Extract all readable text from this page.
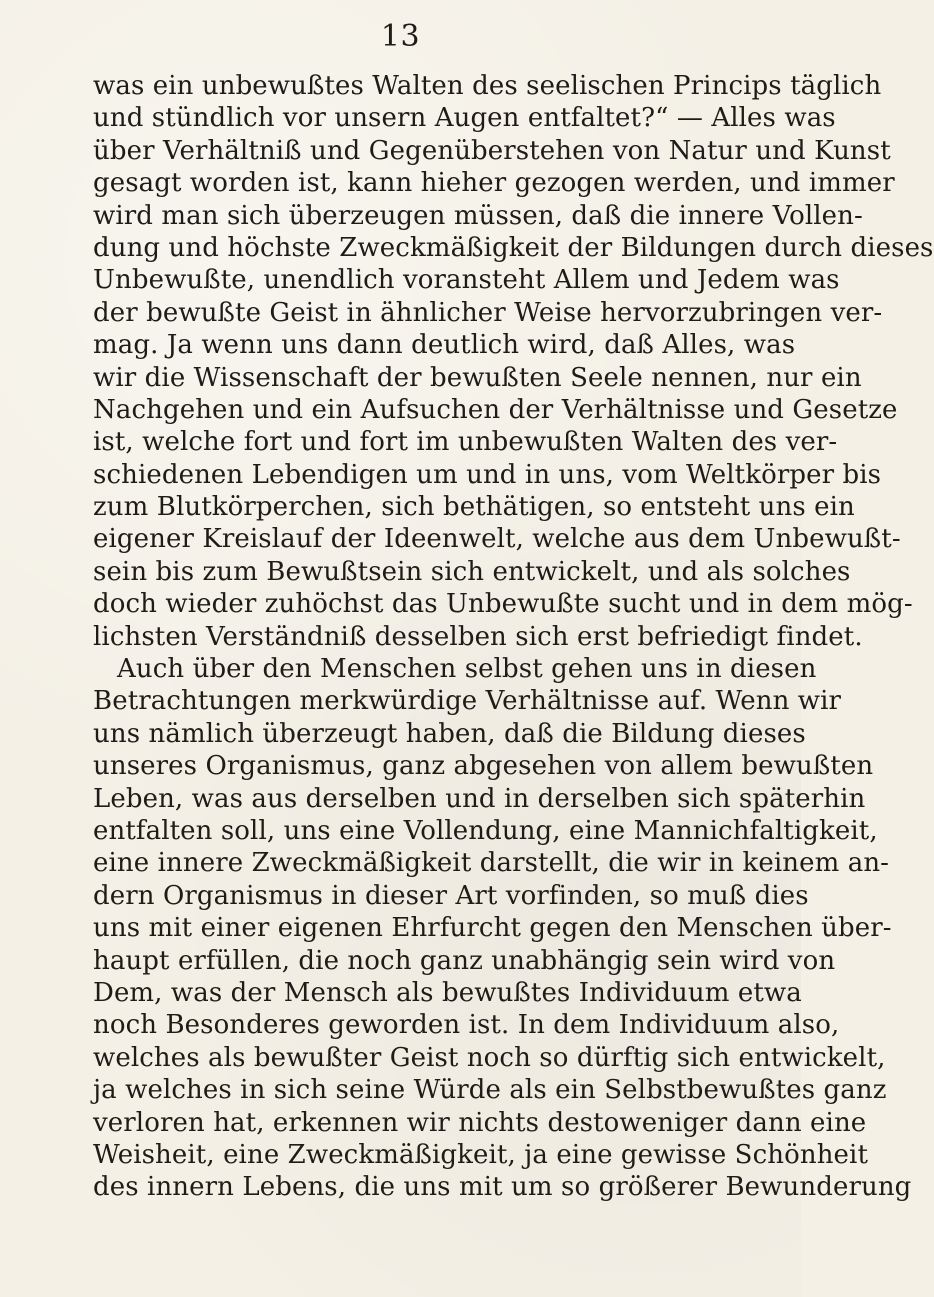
13
was ein unbewußtes Walten des seelischen Princips täglich
und stündlich vor unsern Augen entfaltet?“ — Alles was
über Verhältniß und Gegenüberstehen von Natur und Kunst
gesagt worden ist, kann hieher gezogen werden, und immer
wird man sich überzeugen müssen, daß die innere Vollen-
dung und höchste Zweckmäßigkeit der Bildungen durch dieses
Unbewußte, unendlich voransteht Allem und Jedem was
der bewußte Geist in ähnlicher Weise hervorzubringen ver-
mag. Ja wenn uns dann deutlich wird, daß Alles, was
wir die Wissenschaft der bewußten Seele nennen, nur ein
Nachgehen und ein Aufsuchen der Verhältnisse und Gesetze
ist, welche fort und fort im unbewußten Walten des ver-
schiedenen Lebendigen um und in uns, vom Weltkörper bis
zum Blutkörperchen, sich bethätigen, so entsteht uns ein
eigener Kreislauf der Ideenwelt, welche aus dem Unbewußt-
sein bis zum Bewußtsein sich entwickelt, und als solches
doch wieder zuhöchst das Unbewußte sucht und in dem mög-
lichsten Verständniß desselben sich erst befriedigt findet.
Auch über den Menschen selbst gehen uns in diesen
Betrachtungen merkwürdige Verhältnisse auf. Wenn wir
uns nämlich überzeugt haben, daß die Bildung dieses
unseres Organismus, ganz abgesehen von allem bewußten
Leben, was aus derselben und in derselben sich späterhin
entfalten soll, uns eine Vollendung, eine Mannichfaltigkeit,
eine innere Zweckmäßigkeit darstellt, die wir in keinem an-
dern Organismus in dieser Art vorfinden, so muß dies
uns mit einer eigenen Ehrfurcht gegen den Menschen über-
haupt erfüllen, die noch ganz unabhängig sein wird von
Dem, was der Mensch als bewußtes Individuum etwa
noch Besonderes geworden ist. In dem Individuum also,
welches als bewußter Geist noch so dürftig sich entwickelt,
ja welches in sich seine Würde als ein Selbstbewußtes ganz
verloren hat, erkennen wir nichts destoweniger dann eine
Weisheit, eine Zweckmäßigkeit, ja eine gewisse Schönheit
des innern Lebens, die uns mit um so größerer Bewunderung
